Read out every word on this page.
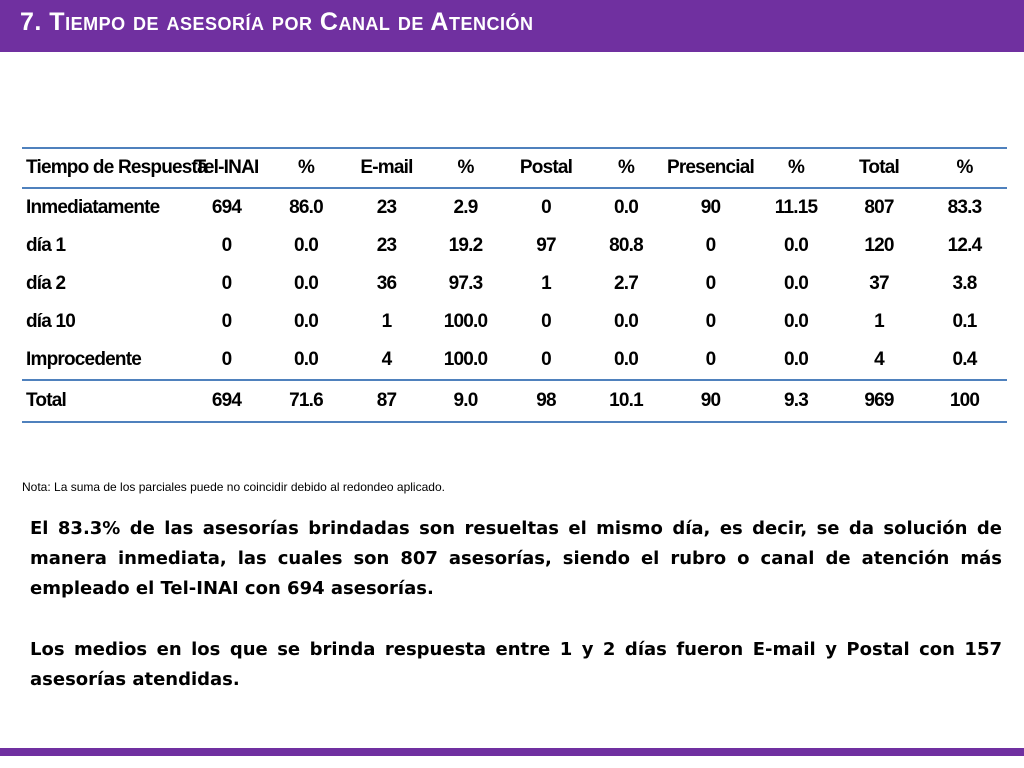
7. Tiempo de asesoría por Canal de Atención
Tiempo de Respuesta	Tel-INAI	%	E-mail	%	Postal	%	Presencial	%	Total	%
Inmediatamente	694	86.0	23	2.9	0	0.0	90	11.15	807	83.3
día 1	0	0.0	23	19.2	97	80.8	0	0.0	120	12.4
día 2	0	0.0	36	97.3	1	2.7	0	0.0	37	3.8
día 10	0	0.0	1	100.0	0	0.0	0	0.0	1	0.1
Improcedente	0	0.0	4	100.0	0	0.0	0	0.0	4	0.4
Total	694	71.6	87	9.0	98	10.1	90	9.3	969	100

Nota: La suma de los parciales puede no coincidir debido al redondeo aplicado.

El 83.3% de las asesorías brindadas son resueltas el mismo día, es decir, se da solución de manera inmediata, las cuales son 807 asesorías, siendo el rubro o canal de atención más empleado el Tel-INAI con 694 asesorías.

Los medios en los que se brinda respuesta entre 1 y 2 días fueron E-mail y Postal con 157 asesorías atendidas.
